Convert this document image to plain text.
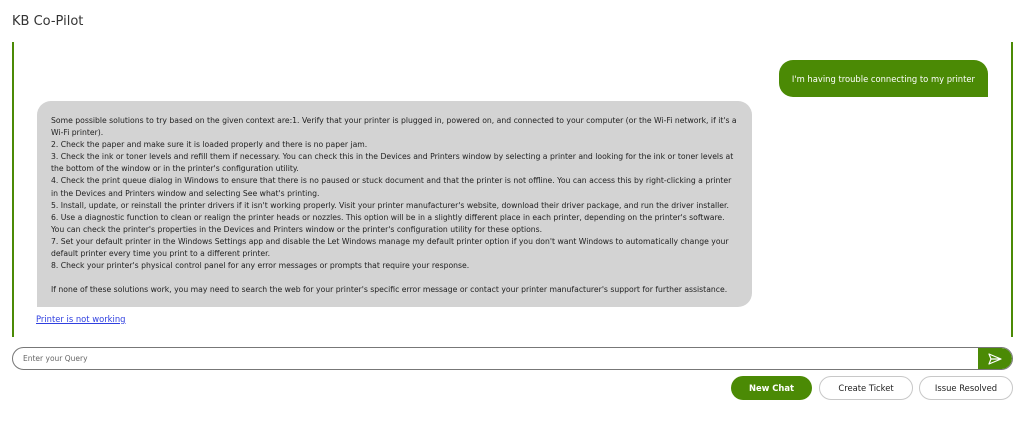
KB Co-Pilot
I'm having trouble connecting to my printer

Some possible solutions to try based on the given context are:1. Verify that your printer is plugged in, powered on, and connected to your computer (or the Wi-Fi network, if it's a Wi-Fi printer).

2. Check the paper and make sure it is loaded properly and there is no paper jam.

3. Check the ink or toner levels and refill them if necessary. You can check this in the Devices and Printers window by selecting a printer and looking for the ink or toner levels at the bottom of the window or in the printer's configuration utility.

4. Check the print queue dialog in Windows to ensure that there is no paused or stuck document and that the printer is not offline. You can access this by right-clicking a printer in the Devices and Printers window and selecting See what's printing.

5. Install, update, or reinstall the printer drivers if it isn't working properly. Visit your printer manufacturer's website, download their driver package, and run the driver installer.

6. Use a diagnostic function to clean or realign the printer heads or nozzles. This option will be in a slightly different place in each printer, depending on the printer's software. You can check the printer's properties in the Devices and Printers window or the printer's configuration utility for these options.

7. Set your default printer in the Windows Settings app and disable the Let Windows manage my default printer option if you don't want Windows to automatically change your default printer every time you print to a different printer.

8. Check your printer's physical control panel for any error messages or prompts that require your response.

If none of these solutions work, you may need to search the web for your printer's specific error message or contact your printer manufacturer's support for further assistance.

Printer is not working
Enter your Query
New Chat	Create Ticket	Issue Resolved
